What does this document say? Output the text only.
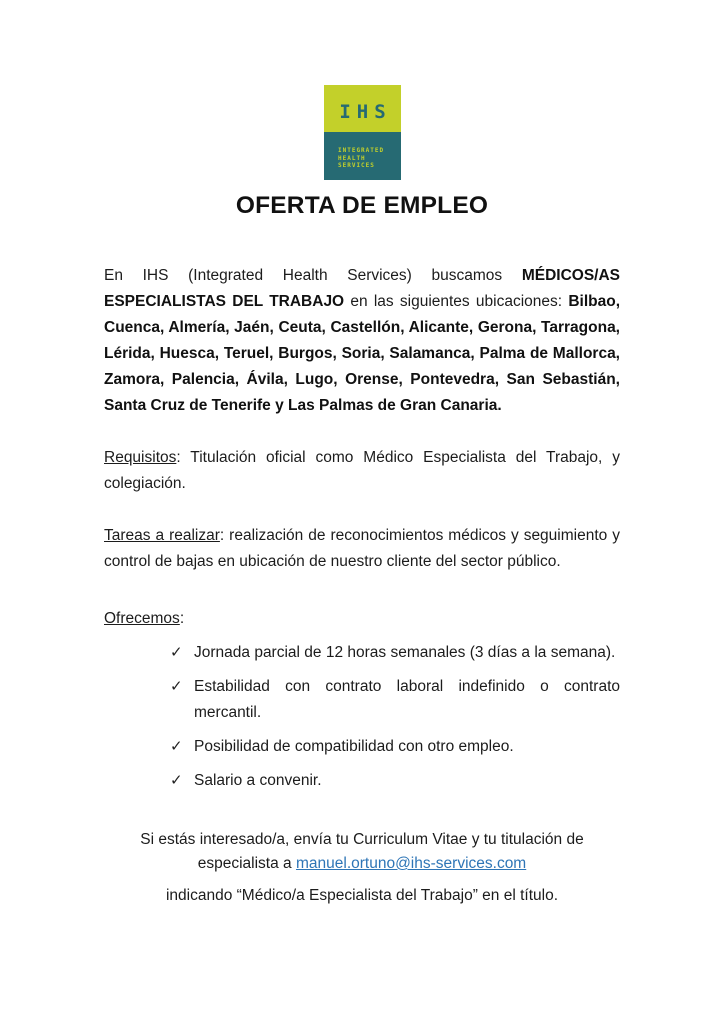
IHS
INTEGRATED
HEALTH
SERVICES
OFERTA DE EMPLEO

En IHS (Integrated Health Services) buscamos MÉDICOS/AS ESPECIALISTAS DEL TRABAJO en las siguientes ubicaciones: Bilbao, Cuenca, Almería, Jaén, Ceuta, Castellón, Alicante, Gerona, Tarragona, Lérida, Huesca, Teruel, Burgos, Soria, Salamanca, Palma de Mallorca, Zamora, Palencia, Ávila, Lugo, Orense, Pontevedra, San Sebastián, Santa Cruz de Tenerife y Las Palmas de Gran Canaria.

Requisitos: Titulación oficial como Médico Especialista del Trabajo, y colegiación.

Tareas a realizar: realización de reconocimientos médicos y seguimiento y control de bajas en ubicación de nuestro cliente del sector público.

Ofrecemos:

✓ Jornada parcial de 12 horas semanales (3 días a la semana).
✓ Estabilidad con contrato laboral indefinido o contrato mercantil.
✓ Posibilidad de compatibilidad con otro empleo.
✓ Salario a convenir.

Si estás interesado/a, envía tu Curriculum Vitae y tu titulación de especialista a manuel.ortuno@ihs-services.com

indicando “Médico/a Especialista del Trabajo” en el título.
